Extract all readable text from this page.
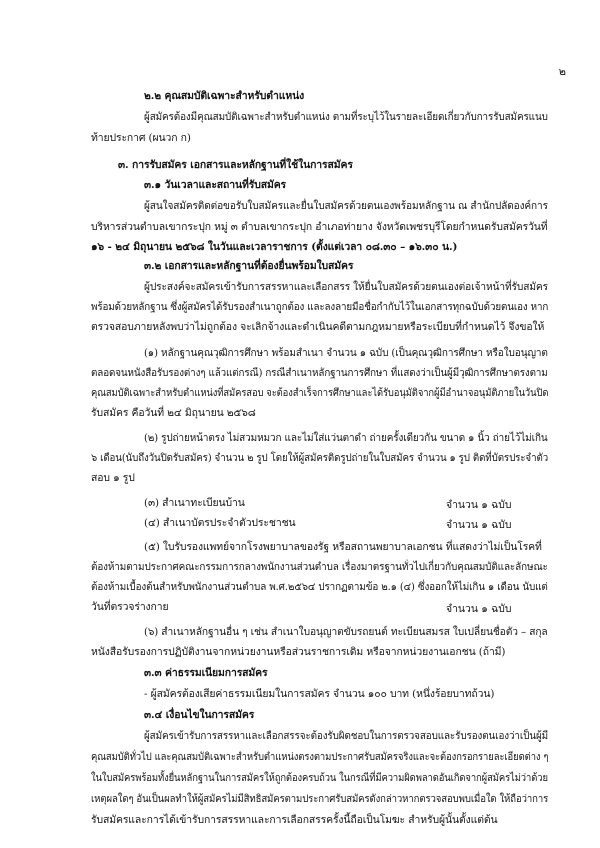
๒
๒.๒ คุณสมบัติเฉพาะสำหรับตำแหน่ง
ผู้สมัครต้องมีคุณสมบัติเฉพาะสำหรับตำแหน่ง ตามที่ระบุไว้ในรายละเอียดเกี่ยวกับการรับสมัครแนบ
ท้ายประกาศ (ผนวก ก)
๓. การรับสมัคร เอกสารและหลักฐานที่ใช้ในการสมัคร
๓.๑ วันเวลาและสถานที่รับสมัคร
ผู้สนใจสมัครติดต่อขอรับใบสมัครและยื่นใบสมัครด้วยตนเองพร้อมหลักฐาน ณ สำนักปลัดองค์การ
บริหารส่วนตำบลเขากระปุก หมู่ ๓ ตำบลเขากระปุก อำเภอท่ายาง จังหวัดเพชรบุรีโดยกำหนดรับสมัครวันที่
๑๖ - ๒๔ มิถุนายน ๒๕๖๘ ในวันและเวลาราชการ (ตั้งแต่เวลา ๐๘.๓๐ – ๑๖.๓๐ น.)
๓.๒ เอกสารและหลักฐานที่ต้องยื่นพร้อมใบสมัคร
ผู้ประสงค์จะสมัครเข้ารับการสรรหาและเลือกสรร ให้ยื่นใบสมัครด้วยตนเองต่อเจ้าหน้าที่รับสมัคร
พร้อมด้วยหลักฐาน ซึ่งผู้สมัครได้รับรองสำเนาถูกต้อง และลงลายมือชื่อกำกับไว้ในเอกสารทุกฉบับด้วยตนเอง หาก
ตรวจสอบภายหลังพบว่าไม่ถูกต้อง จะเลิกจ้างและดำเนินคดีตามกฎหมายหรือระเบียบที่กำหนดไว้ จึงขอให้
(๑) หลักฐานคุณวุฒิการศึกษา พร้อมสำเนา จำนวน ๑ ฉบับ (เป็นคุณวุฒิการศึกษา หรือใบอนุญาต
ตลอดจนหนังสือรับรองต่างๆ แล้วแต่กรณี) กรณีสำเนาหลักฐานการศึกษา ที่แสดงว่าเป็นผู้มีวุฒิการศึกษาตรงตาม
คุณสมบัติเฉพาะสำหรับตำแหน่งที่สมัครสอบ จะต้องสำเร็จการศึกษาและได้รับอนุมัติจากผู้มีอำนาจอนุมัติภายในวันปิด
รับสมัคร คือวันที่ ๒๔ มิถุนายน ๒๕๖๘
(๒) รูปถ่ายหน้าตรง ไม่สวมหมวก และไม่ใส่แว่นตาดำ ถ่ายครั้งเดียวกัน ขนาด ๑ นิ้ว ถ่ายไว้ไม่เกิน
๖ เดือน(นับถึงวันปิดรับสมัคร) จำนวน ๒ รูป โดยให้ผู้สมัครติดรูปถ่ายในใบสมัคร จำนวน ๑ รูป ติดที่บัตรประจำตัว
สอบ ๑ รูป
(๓) สำเนาทะเบียนบ้าน	จำนวน ๑ ฉบับ
(๔) สำเนาบัตรประจำตัวประชาชน	จำนวน ๑ ฉบับ
(๕) ใบรับรองแพทย์จากโรงพยาบาลของรัฐ หรือสถานพยาบาลเอกชน ที่แสดงว่าไม่เป็นโรคที่
ต้องห้ามตามประกาศคณะกรรมการกลางพนักงานส่วนตำบล เรื่องมาตรฐานทั่วไปเกี่ยวกับคุณสมบัติและลักษณะ
ต้องห้ามเบื้องต้นสำหรับพนักงานส่วนตำบล พ.ศ.๒๕๖๔ ปรากฏตามข้อ ๒.๑ (๔) ซึ่งออกให้ไม่เกิน ๑ เดือน นับแต่
วันที่ตรวจร่างกาย	จำนวน ๑ ฉบับ
(๖) สำเนาหลักฐานอื่น ๆ เช่น สำเนาใบอนุญาตขับรถยนต์ ทะเบียนสมรส ใบเปลี่ยนชื่อตัว – สกุล
หนังสือรับรองการปฏิบัติงานจากหน่วยงานหรือส่วนราชการเดิม หรือจากหน่วยงานเอกชน (ถ้ามี)
๓.๓ ค่าธรรมเนียมการสมัคร
- ผู้สมัครต้องเสียค่าธรรมเนียมในการสมัคร จำนวน ๑๐๐ บาท (หนึ่งร้อยบาทถ้วน)
๓.๔ เงื่อนไขในการสมัคร
ผู้สมัครเข้ารับการสรรหาและเลือกสรรจะต้องรับผิดชอบในการตรวจสอบและรับรองตนเองว่าเป็นผู้มี
คุณสมบัติทั่วไป และคุณสมบัติเฉพาะสำหรับตำแหน่งตรงตามประกาศรับสมัครจริงและจะต้องกรอกรายละเอียดต่าง ๆ
ในใบสมัครพร้อมทั้งยื่นหลักฐานในการสมัครให้ถูกต้องครบถ้วน ในกรณีที่มีความผิดพลาดอันเกิดจากผู้สมัครไม่ว่าด้วย
เหตุผลใดๆ อันเป็นผลทำให้ผู้สมัครไม่มีสิทธิสมัครตามประกาศรับสมัครดังกล่าวหากตรวจสอบพบเมื่อใด ให้ถือว่าการ
รับสมัครและการได้เข้ารับการสรรหาและการเลือกสรรครั้งนี้ถือเป็นโมฆะ สำหรับผู้นั้นตั้งแต่ต้น
